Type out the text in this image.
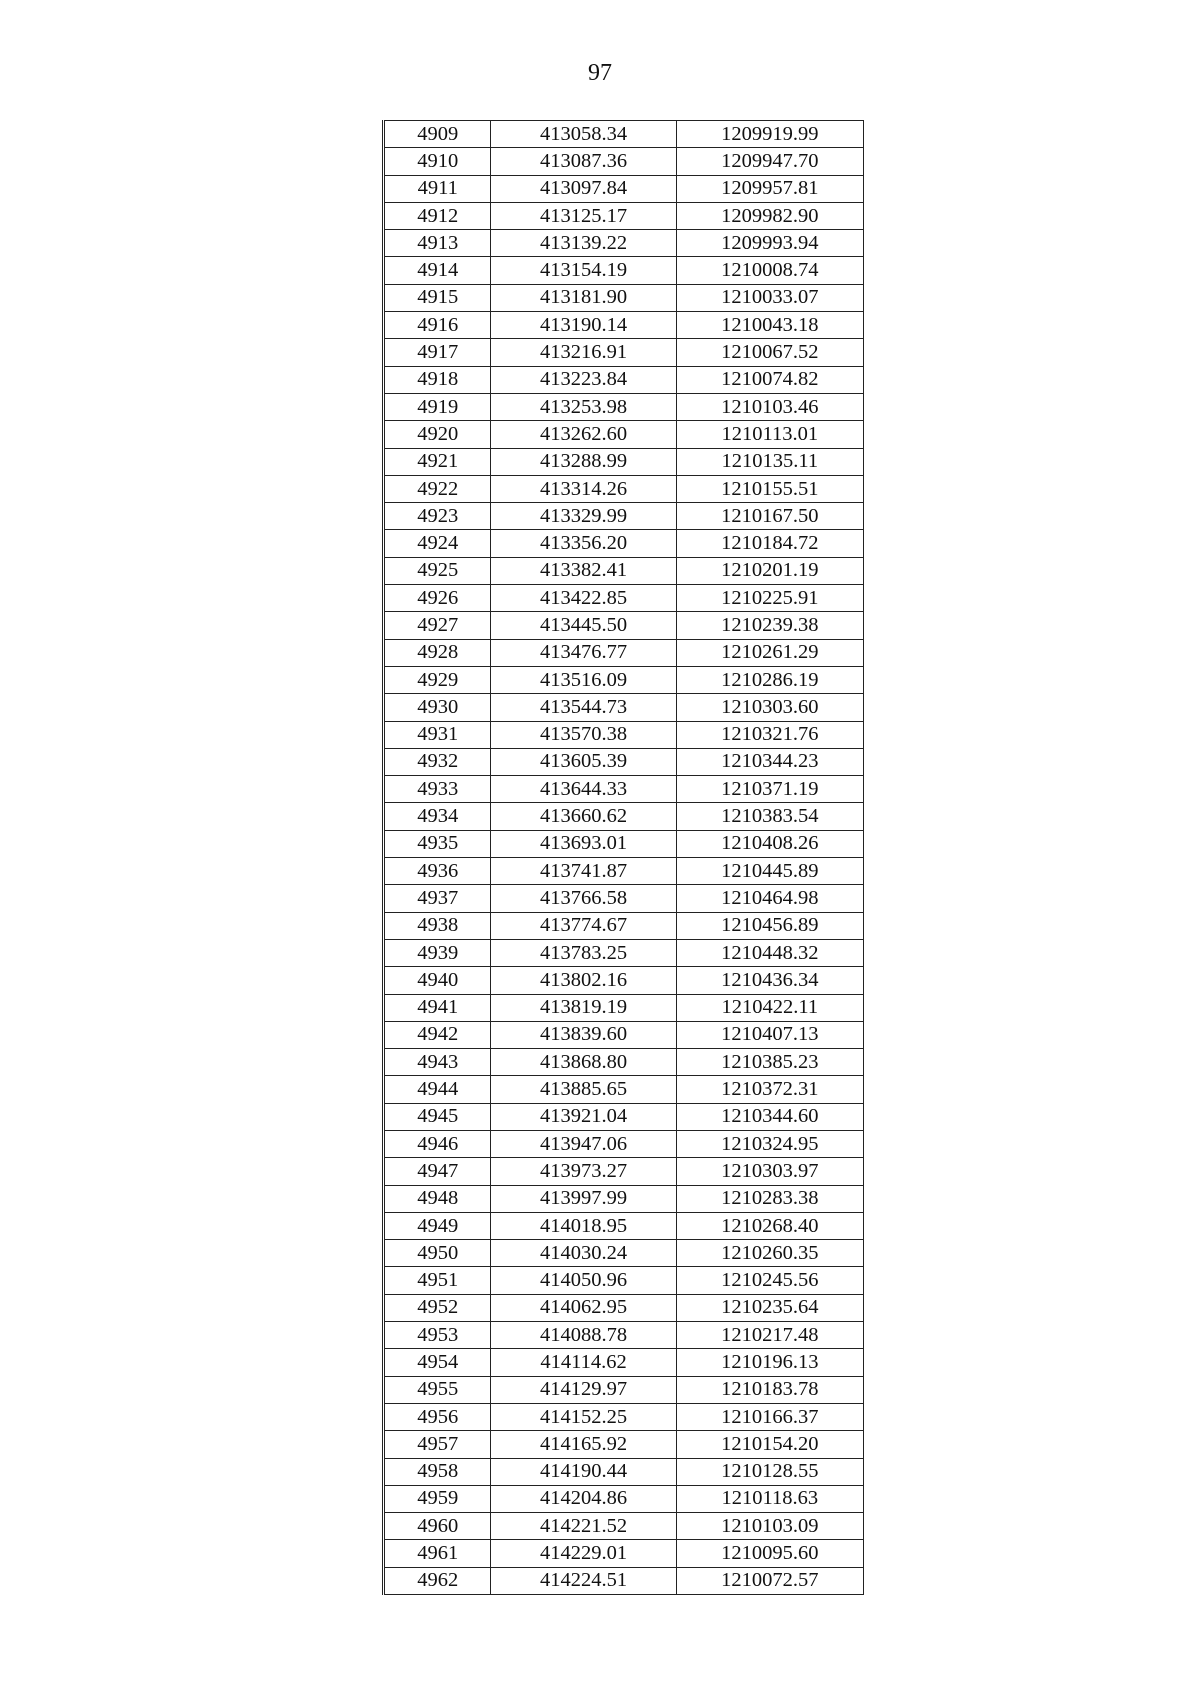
97
4909	413058.34	1209919.99
4910	413087.36	1209947.70
4911	413097.84	1209957.81
4912	413125.17	1209982.90
4913	413139.22	1209993.94
4914	413154.19	1210008.74
4915	413181.90	1210033.07
4916	413190.14	1210043.18
4917	413216.91	1210067.52
4918	413223.84	1210074.82
4919	413253.98	1210103.46
4920	413262.60	1210113.01
4921	413288.99	1210135.11
4922	413314.26	1210155.51
4923	413329.99	1210167.50
4924	413356.20	1210184.72
4925	413382.41	1210201.19
4926	413422.85	1210225.91
4927	413445.50	1210239.38
4928	413476.77	1210261.29
4929	413516.09	1210286.19
4930	413544.73	1210303.60
4931	413570.38	1210321.76
4932	413605.39	1210344.23
4933	413644.33	1210371.19
4934	413660.62	1210383.54
4935	413693.01	1210408.26
4936	413741.87	1210445.89
4937	413766.58	1210464.98
4938	413774.67	1210456.89
4939	413783.25	1210448.32
4940	413802.16	1210436.34
4941	413819.19	1210422.11
4942	413839.60	1210407.13
4943	413868.80	1210385.23
4944	413885.65	1210372.31
4945	413921.04	1210344.60
4946	413947.06	1210324.95
4947	413973.27	1210303.97
4948	413997.99	1210283.38
4949	414018.95	1210268.40
4950	414030.24	1210260.35
4951	414050.96	1210245.56
4952	414062.95	1210235.64
4953	414088.78	1210217.48
4954	414114.62	1210196.13
4955	414129.97	1210183.78
4956	414152.25	1210166.37
4957	414165.92	1210154.20
4958	414190.44	1210128.55
4959	414204.86	1210118.63
4960	414221.52	1210103.09
4961	414229.01	1210095.60
4962	414224.51	1210072.57
